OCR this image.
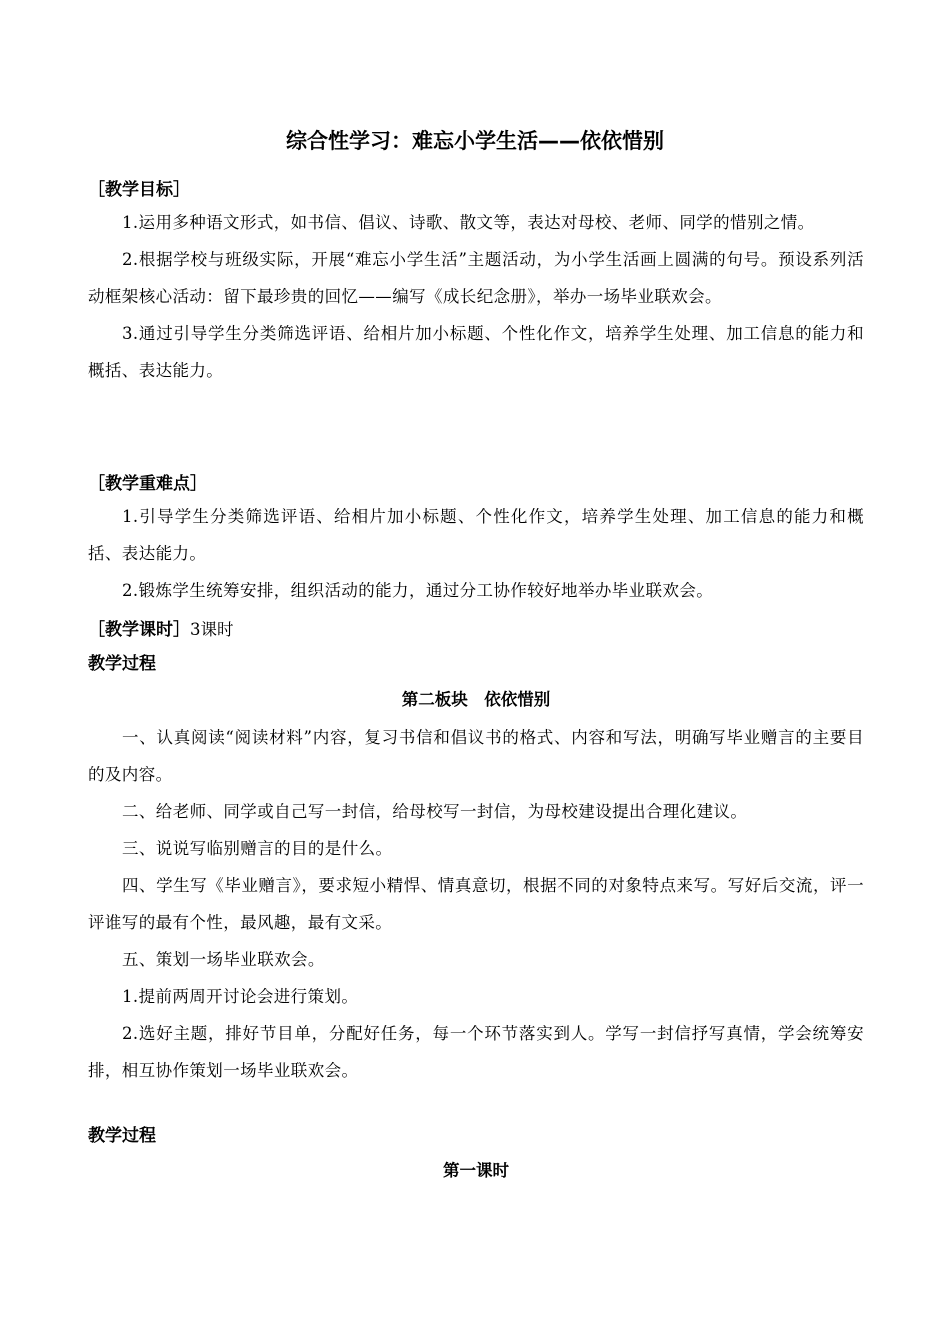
综合性学习：难忘小学生活——依依惜别

［教学目标］

1.运用多种语文形式，如书信、倡议、诗歌、散文等，表达对母校、老师、同学的惜别之情。

2.根据学校与班级实际，开展“难忘小学生活”主题活动，为小学生活画上圆满的句号。预设系列活动框架核心活动：留下最珍贵的回忆——编写《成长纪念册》，举办一场毕业联欢会。

3.通过引导学生分类筛选评语、给相片加小标题、个性化作文，培养学生处理、加工信息的能力和概括、表达能力。

［教学重难点］

1.引导学生分类筛选评语、给相片加小标题、个性化作文，培养学生处理、加工信息的能力和概括、表达能力。

2.锻炼学生统筹安排，组织活动的能力，通过分工协作较好地举办毕业联欢会。

［教学课时］3课时

教学过程

第二板块　依依惜别

一、认真阅读“阅读材料”内容，复习书信和倡议书的格式、内容和写法，明确写毕业赠言的主要目的及内容。

二、给老师、同学或自己写一封信，给母校写一封信，为母校建设提出合理化建议。

三、说说写临别赠言的目的是什么。

四、学生写《毕业赠言》，要求短小精悍、情真意切，根据不同的对象特点来写。写好后交流，评一评谁写的最有个性，最风趣，最有文采。

五、策划一场毕业联欢会。

1.提前两周开讨论会进行策划。

2.选好主题，排好节目单，分配好任务，每一个环节落实到人。学写一封信抒写真情，学会统筹安排，相互协作策划一场毕业联欢会。

教学过程

第一课时
